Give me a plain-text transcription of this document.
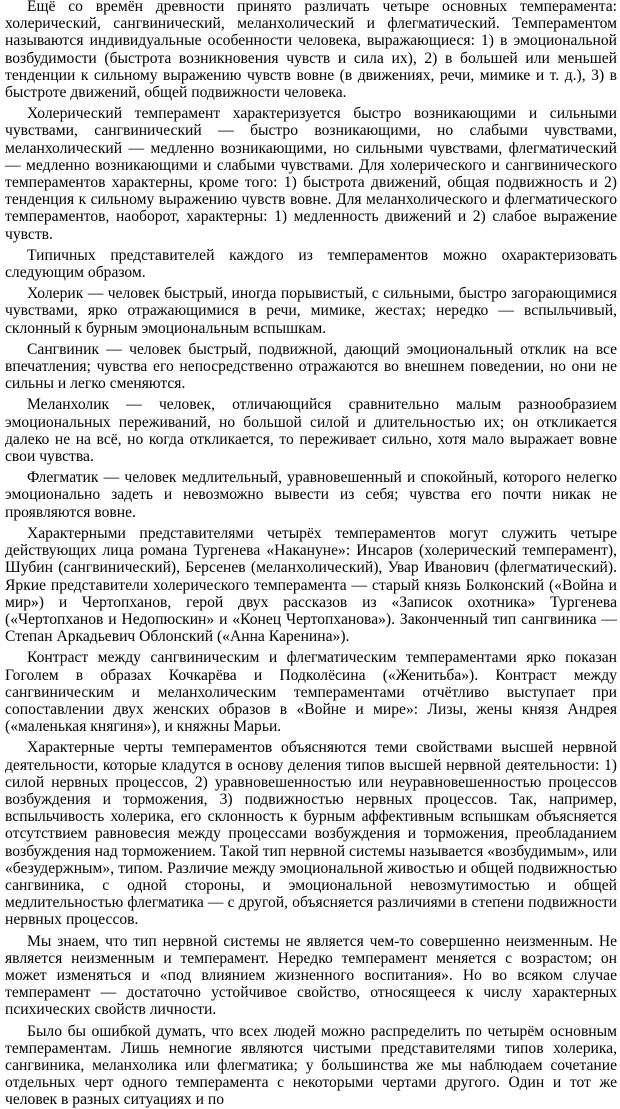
Ещё со времён древности принято различать четыре основных темперамента: холерический, сангвинический, меланхолический и флегматический. Темпераментом называются индивидуальные особенности человека, выражающиеся: 1) в эмоциональной возбудимости (быстрота возникновения чувств и сила их), 2) в большей или меньшей тенденции к сильному выражению чувств вовне (в движениях, речи, мимике и т. д.), 3) в быстроте движений, общей подвижности человека.

Холерический темперамент характеризуется быстро возникающими и сильными чувствами, сангвинический — быстро возникающими, но слабыми чувствами, меланхолический — медленно возникающими, но сильными чувствами, флегматический — медленно возникающими и слабыми чувствами. Для холерического и сангвинического темпераментов характерны, кроме того: 1) быстрота движений, общая подвижность и 2) тенденция к сильному выражению чувств вовне. Для меланхолического и флегматического темпераментов, наоборот, характерны: 1) медленность движений и 2) слабое выражение чувств.

Типичных представителей каждого из темпераментов можно охарактеризовать следующим образом.

Холерик — человек быстрый, иногда порывистый, с сильными, быстро загорающимися чувствами, ярко отражающимися в речи, мимике, жестах; нередко — вспыльчивый, склонный к бурным эмоциональным вспышкам.

Сангвиник — человек быстрый, подвижной, дающий эмоциональный отклик на все впечатления; чувства его непосредственно отражаются во внешнем поведении, но они не сильны и легко сменяются.

Меланхолик — человек, отличающийся сравнительно малым разнообразием эмоциональных переживаний, но большой силой и длительностью их; он откликается далеко не на всё, но когда откликается, то переживает сильно, хотя мало выражает вовне свои чувства.

Флегматик — человек медлительный, уравновешенный и спокойный, которого нелегко эмоционально задеть и невозможно вывести из себя; чувства его почти никак не проявляются вовне.

Характерными представителями четырёх темпераментов могут служить четыре действующих лица романа Тургенева «Накануне»: Инсаров (холерический темперамент), Шубин (сангвинический), Берсенев (меланхолический), Увар Иванович (флегматический). Яркие представители холерического темперамента — старый князь Болконский («Война и мир») и Чертопханов, герой двух рассказов из «Записок охотника» Тургенева («Чертопханов и Недопюскин» и «Конец Чертопханова»). Законченный тип сангвиника — Степан Аркадьевич Облонский («Анна Каренина»).

Контраст между сангвиническим и флегматическим темпераментами ярко показан Гоголем в образах Кочкарёва и Подколёсина («Женитьба»). Контраст между сангвиническим и меланхолическим темпераментами отчётливо выступает при сопоставлении двух женских образов в «Войне и мире»: Лизы, жены князя Андрея («маленькая княгиня»), и княжны Марьи.

Характерные черты темпераментов объясняются теми свойствами высшей нервной деятельности, которые кладутся в основу деления типов высшей нервной деятельности: 1) силой нервных процессов, 2) уравновешенностью или неуравновешенностью процессов возбуждения и торможения, 3) подвижностью нервных процессов. Так, например, вспыльчивость холерика, его склонность к бурным аффективным вспышкам объясняется отсутствием равновесия между процессами возбуждения и торможения, преобладанием возбуждения над торможением. Такой тип нервной системы называется «возбудимым», или «безудержным», типом. Различие между эмоциональной живостью и общей подвижностью сангвиника, с одной стороны, и эмоциональной невозмутимостью и общей медлительностью флегматика — с другой, объясняется различиями в степени подвижности нервных процессов.

Мы знаем, что тип нервной системы не является чем-то совершенно неизменным. Не является неизменным и темперамент. Нередко темперамент меняется с возрастом; он может изменяться и «под влиянием жизненного воспитания». Но во всяком случае темперамент — достаточно устойчивое свойство, относящееся к числу характерных психических свойств личности.

Было бы ошибкой думать, что всех людей можно распределить по четырём основным темпераментам. Лишь немногие являются чистыми представителями типов холерика, сангвиника, меланхолика или флегматика; у большинства же мы наблюдаем сочетание отдельных черт одного темперамента с некоторыми чертами другого. Один и тот же человек в разных ситуациях и по
